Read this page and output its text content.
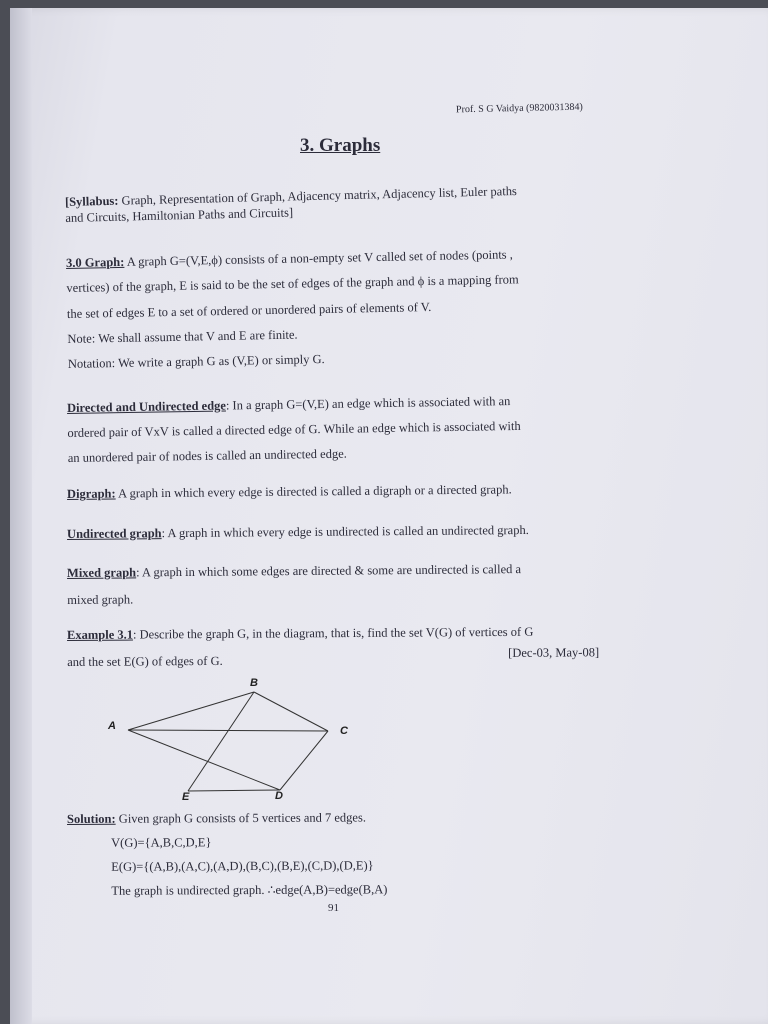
Prof. S G Vaidya (9820031384)
3. Graphs
[Syllabus: Graph, Representation of Graph, Adjacency matrix, Adjacency list, Euler paths
and Circuits, Hamiltonian Paths and Circuits]
3.0 Graph: A graph G=(V,E,ϕ) consists of a non-empty set V called set of nodes (points ,
vertices) of the graph, E is said to be the set of edges of the graph and ϕ is a mapping from
the set of edges E to a set of ordered or unordered pairs of elements of V.
Note: We shall assume that V and E are finite.
Notation: We write a graph G as (V,E) or simply G.
Directed and Undirected edge: In a graph G=(V,E) an edge which is associated with an
ordered pair of VxV is called a directed edge of G. While an edge which is associated with
an unordered pair of nodes is called an undirected edge.
Digraph: A graph in which every edge is directed is called a digraph or a directed graph.
Undirected graph: A graph in which every edge is undirected is called an undirected graph.
Mixed graph: A graph in which some edges are directed & some are undirected is called a
mixed graph.
Example 3.1: Describe the graph G, in the diagram, that is, find the set V(G) of vertices of G
and the set E(G) of edges of G.
[Dec-03, May-08]
A
B
C
D
E
Solution: Given graph G consists of 5 vertices and 7 edges.
V(G)={A,B,C,D,E}
E(G)={(A,B),(A,C),(A,D),(B,C),(B,E),(C,D),(D,E)}
The graph is undirected graph. ∴edge(A,B)=edge(B,A)
91
